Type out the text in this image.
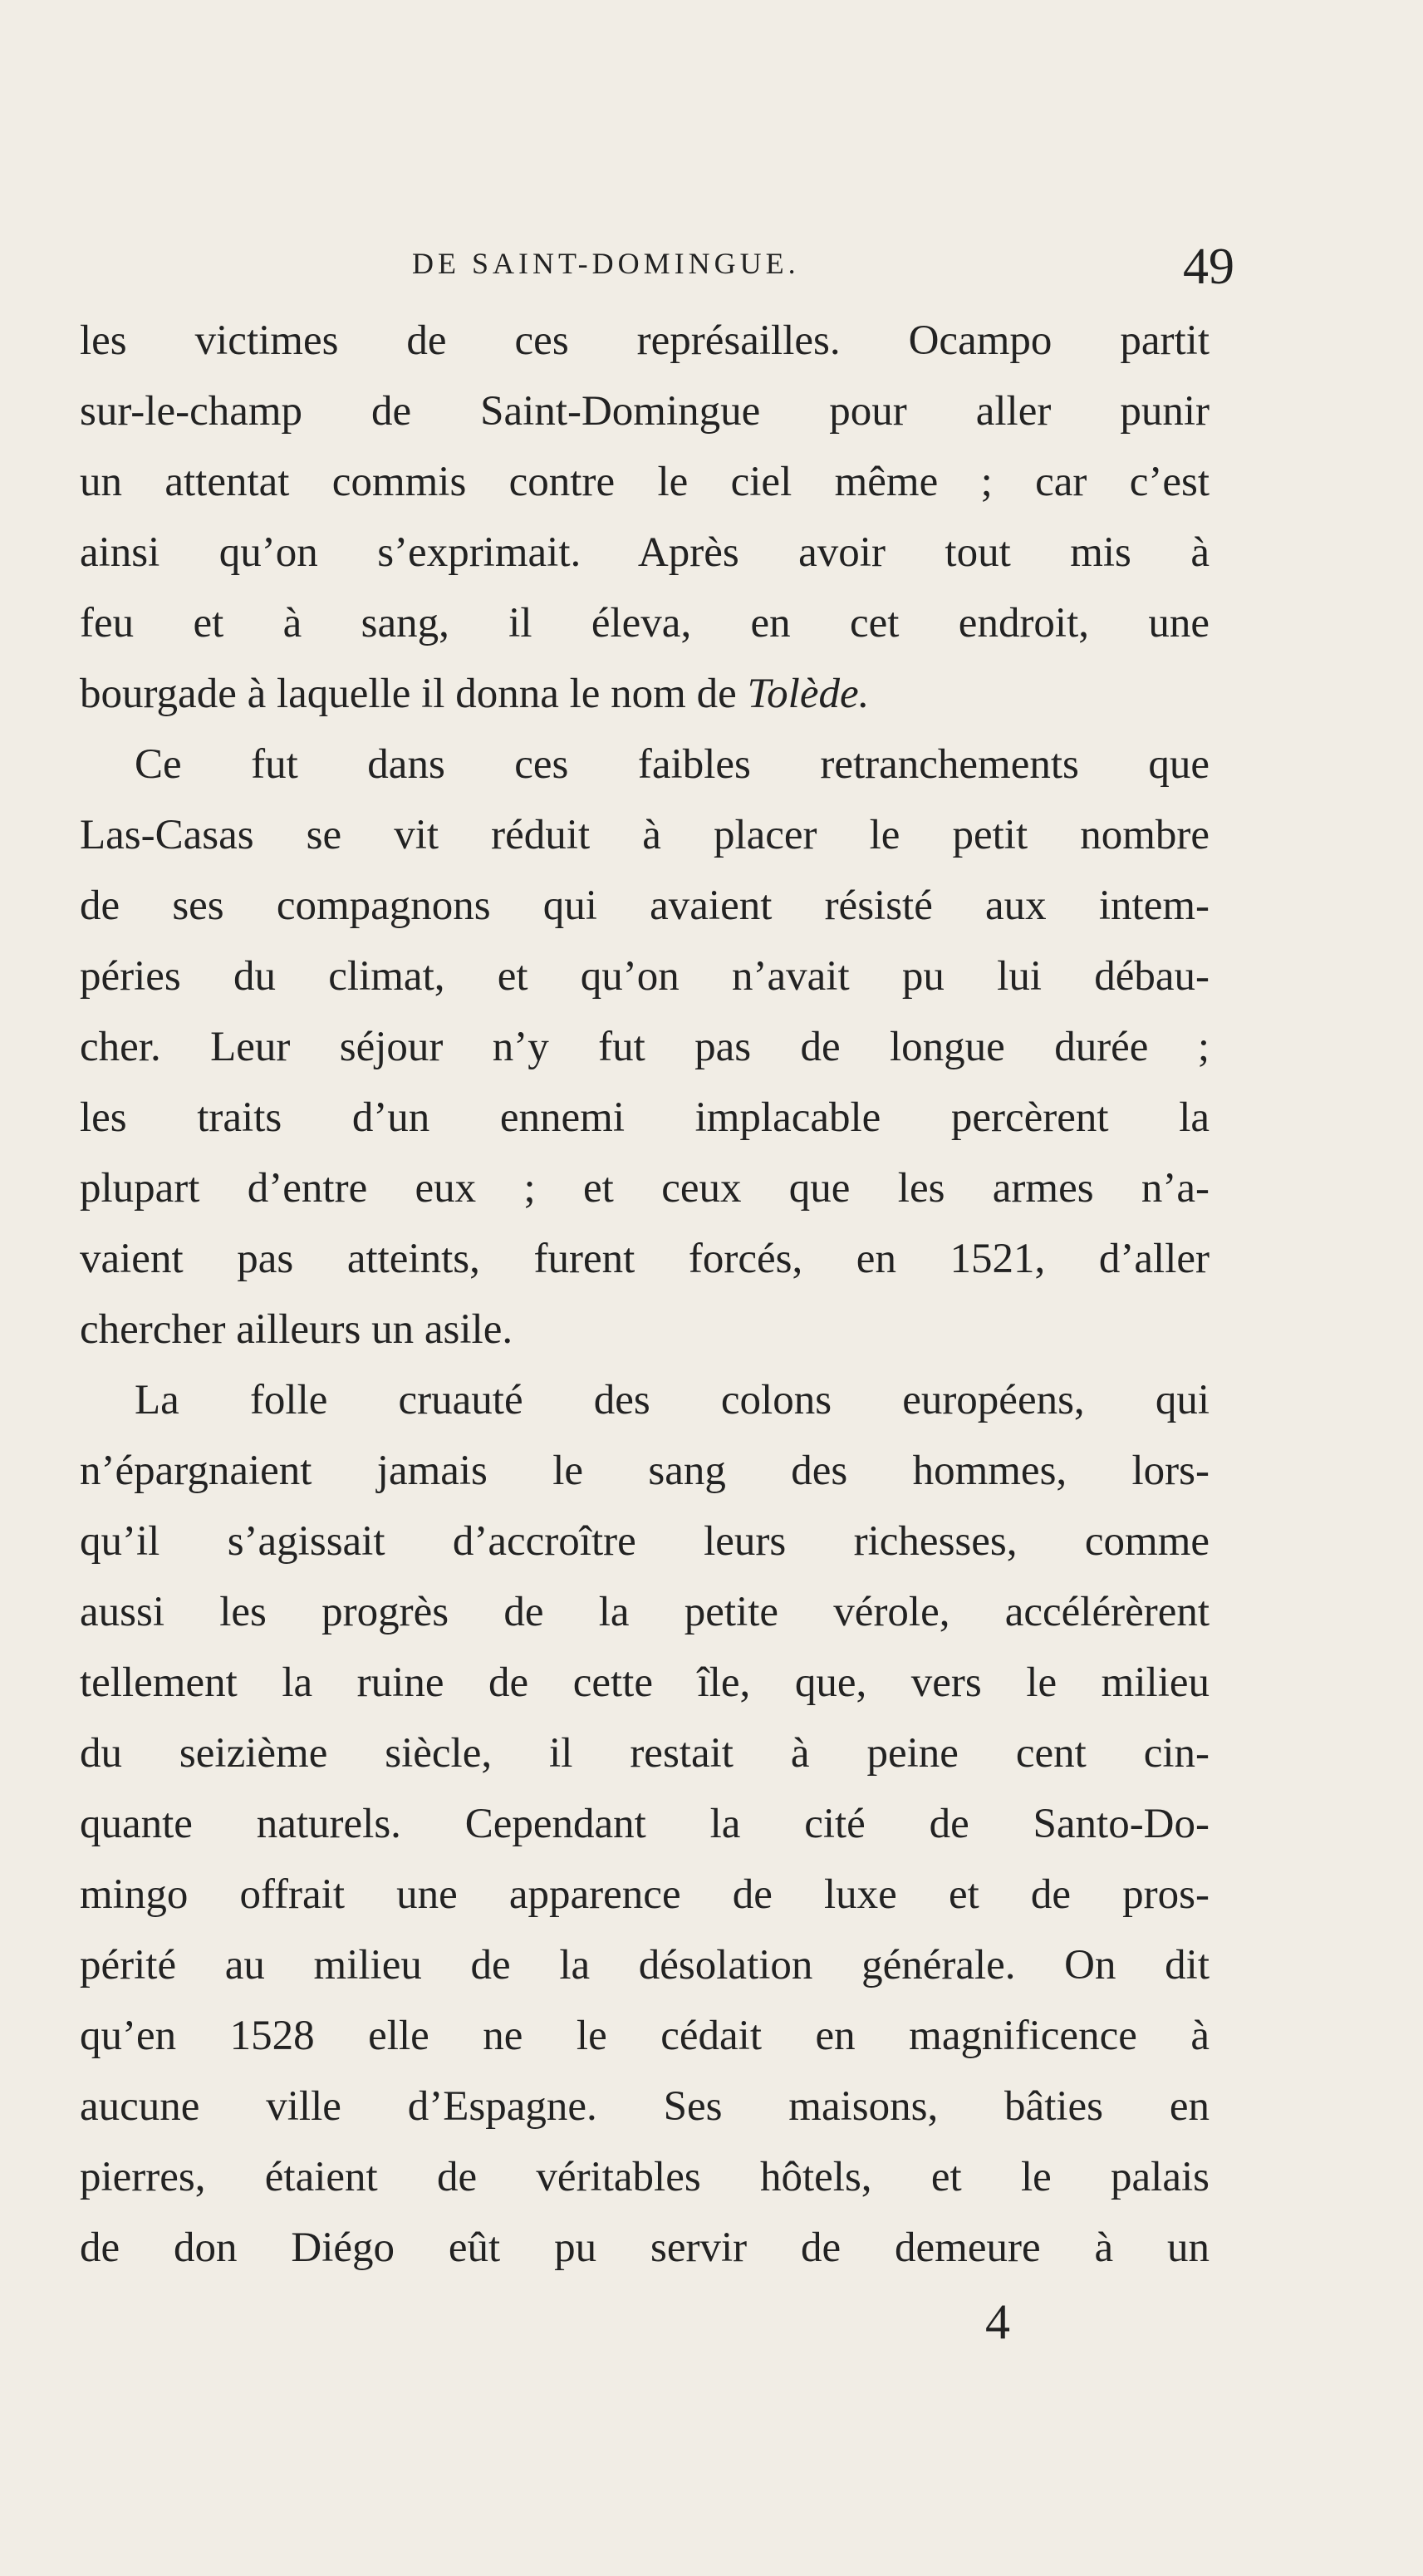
DE SAINT-DOMINGUE.	49
les victimes de ces représailles. Ocampo partit
sur-le-champ de Saint-Domingue pour aller punir
un attentat commis contre le ciel même ; car c’est
ainsi qu’on s’exprimait. Après avoir tout mis à
feu et à sang, il éleva, en cet endroit, une
bourgade à laquelle il donna le nom de Tolède.
Ce fut dans ces faibles retranchements que
Las-Casas se vit réduit à placer le petit nombre
de ses compagnons qui avaient résisté aux intem-
péries du climat, et qu’on n’avait pu lui débau-
cher. Leur séjour n’y fut pas de longue durée ;
les traits d’un ennemi implacable percèrent la
plupart d’entre eux ; et ceux que les armes n’a-
vaient pas atteints, furent forcés, en 1521, d’aller
chercher ailleurs un asile.
La folle cruauté des colons européens, qui
n’épargnaient jamais le sang des hommes, lors-
qu’il s’agissait d’accroître leurs richesses, comme
aussi les progrès de la petite vérole, accélérèrent
tellement la ruine de cette île, que, vers le milieu
du seizième siècle, il restait à peine cent cin-
quante naturels. Cependant la cité de Santo-Do-
mingo offrait une apparence de luxe et de pros-
périté au milieu de la désolation générale. On dit
qu’en 1528 elle ne le cédait en magnificence à
aucune ville d’Espagne. Ses maisons, bâties en
pierres, étaient de véritables hôtels, et le palais
de don Diégo eût pu servir de demeure à un
4
